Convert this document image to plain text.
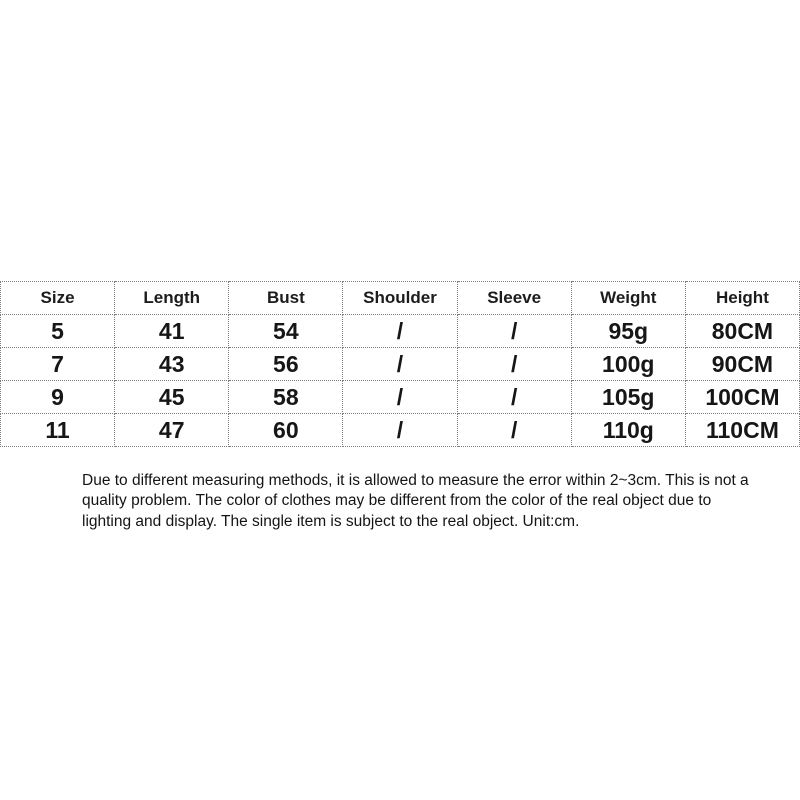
Size	Length	Bust	Shoulder	Sleeve	Weight	Height
5	41	54	/	/	95g	80CM
7	43	56	/	/	100g	90CM
9	45	58	/	/	105g	100CM
11	47	60	/	/	110g	110CM
Due to different measuring methods, it is allowed to measure the error within 2~3cm. This is not a
quality problem. The color of clothes may be different from the color of the real object due to
lighting and display. The single item is subject to the real object. Unit:cm.
